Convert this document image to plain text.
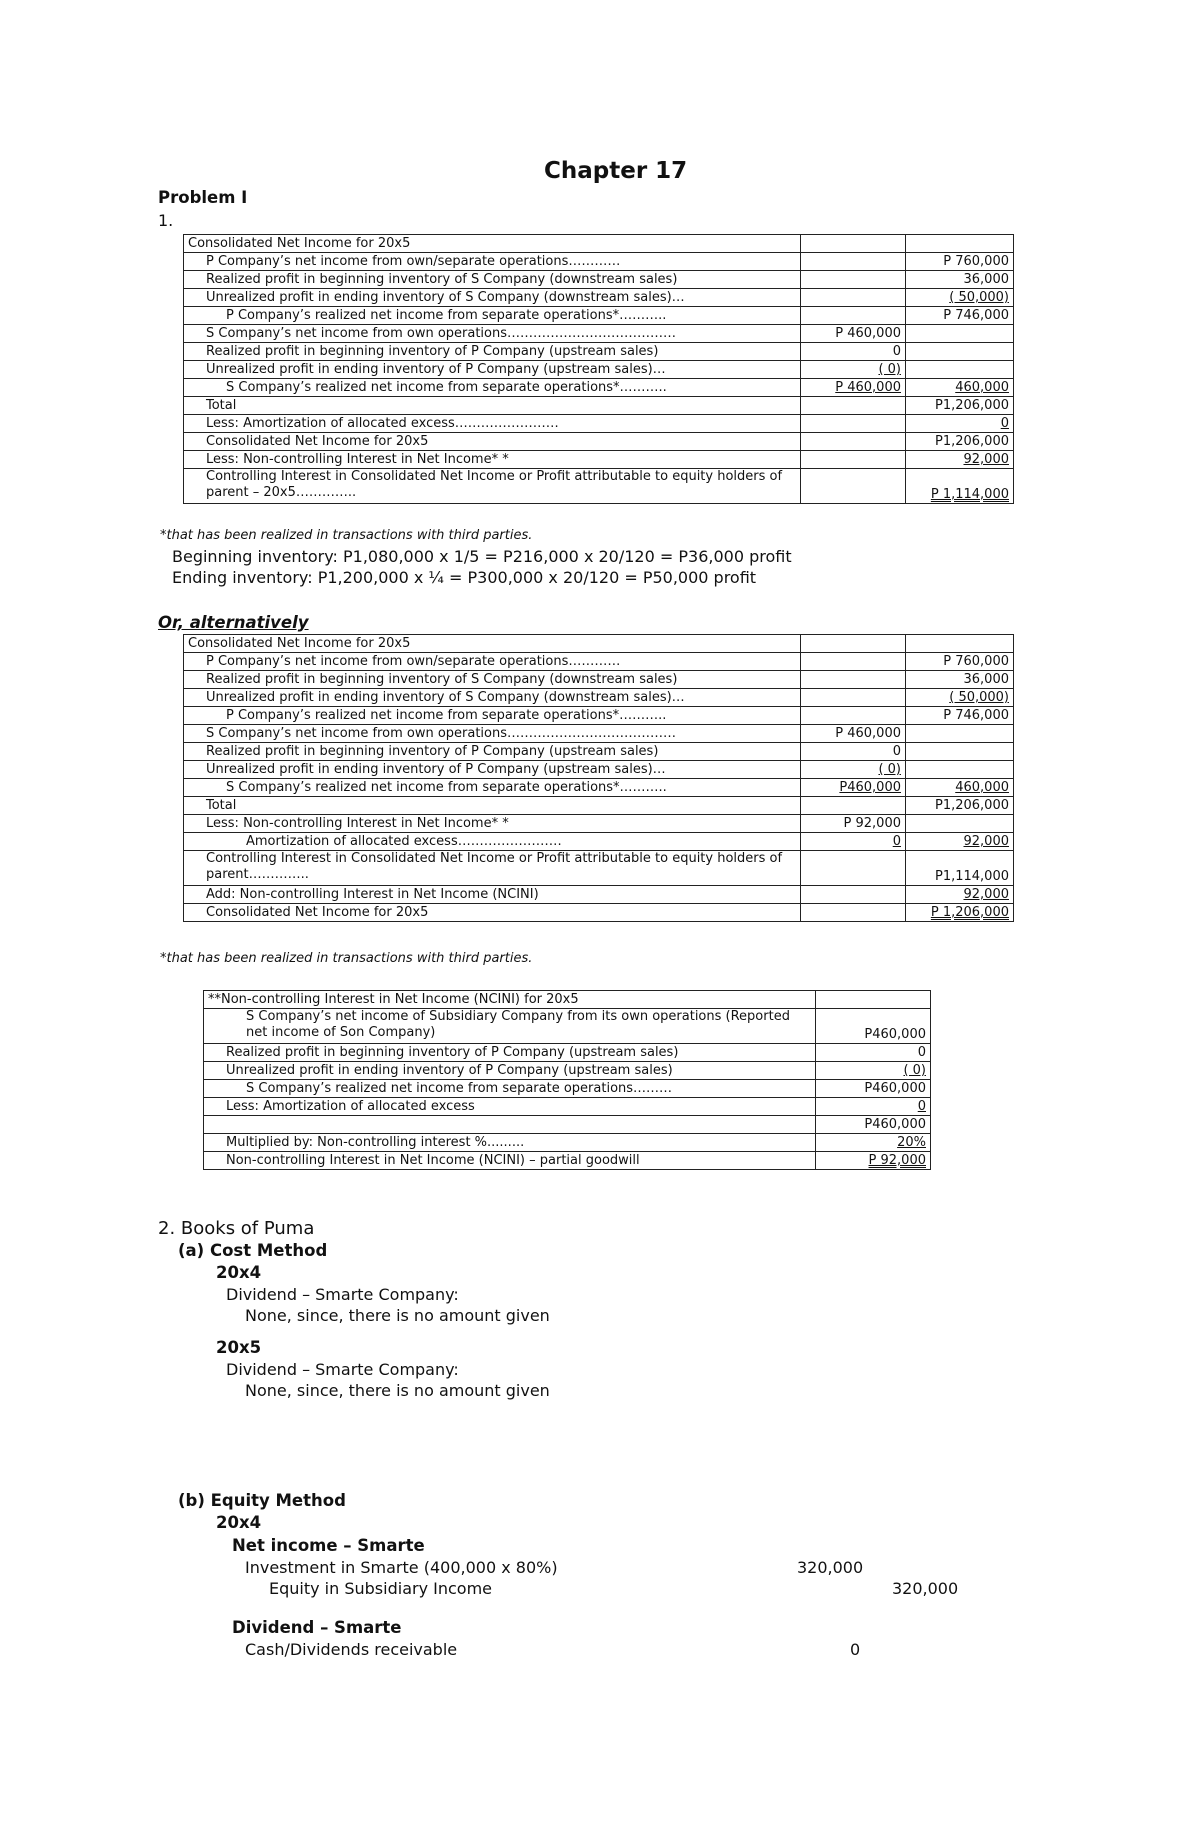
Chapter 17
Problem I
1.
Consolidated Net Income for 20x5		
P Company’s net income from own/separate operations…………		P 760,000
Realized profit in beginning inventory of S Company (downstream sales)		36,000
Unrealized profit in ending inventory of S Company (downstream sales)…		( 50,000)
P Company’s realized net income from separate operations*………..		P 746,000
S Company’s net income from own operations…………………………………	P 460,000	
Realized profit in beginning inventory of P Company (upstream sales)	0	
Unrealized profit in ending inventory of P Company (upstream sales)…	( 0)	
S Company’s realized net income from separate operations*………..	P 460,000	460,000
Total		P1,206,000
Less: Amortization of allocated excess……………………		0
Consolidated Net Income for 20x5		P1,206,000
Less: Non-controlling Interest in Net Income* *		92,000
Controlling Interest in Consolidated Net Income or Profit attributable to equity holders of parent – 20x5…………..		P 1,114,000
*that has been realized in transactions with third parties.
Beginning inventory: P1,080,000 x 1/5 = P216,000 x 20/120 = P36,000 profit
Ending inventory: P1,200,000 x ¼ = P300,000 x 20/120 = P50,000 profit
Or, alternatively
Consolidated Net Income for 20x5		
P Company’s net income from own/separate operations…………		P 760,000
Realized profit in beginning inventory of S Company (downstream sales)		36,000
Unrealized profit in ending inventory of S Company (downstream sales)…		( 50,000)
P Company’s realized net income from separate operations*………..		P 746,000
S Company’s net income from own operations…………………………………	P 460,000	
Realized profit in beginning inventory of P Company (upstream sales)	0	
Unrealized profit in ending inventory of P Company (upstream sales)…	( 0)	
S Company’s realized net income from separate operations*………..	P460,000	460,000
Total		P1,206,000
Less: Non-controlling Interest in Net Income* *	P 92,000	
Amortization of allocated excess……………………	0	92,000
Controlling Interest in Consolidated Net Income or Profit attributable to equity holders of parent…………..		P1,114,000
Add: Non-controlling Interest in Net Income (NCINI)		92,000
Consolidated Net Income for 20x5		P 1,206,000
*that has been realized in transactions with third parties.
**Non-controlling Interest in Net Income (NCINI) for 20x5	
S Company’s net income of Subsidiary Company from its own operations (Reported net income of Son Company)	P460,000
Realized profit in beginning inventory of P Company (upstream sales)	0
Unrealized profit in ending inventory of P Company (upstream sales)	( 0)
S Company’s realized net income from separate operations………	P460,000
Less: Amortization of allocated excess	0
	P460,000
Multiplied by: Non-controlling interest %.........	20%
Non-controlling Interest in Net Income (NCINI) – partial goodwill	P 92,000
2. Books of Puma
(a) Cost Method
20x4
Dividend – Smarte Company:
None, since, there is no amount given
20x5
Dividend – Smarte Company:
None, since, there is no amount given
(b) Equity Method
20x4
Net income – Smarte
Investment in Smarte (400,000 x 80%)	320,000
Equity in Subsidiary Income	320,000
Dividend – Smarte
Cash/Dividends receivable	0
